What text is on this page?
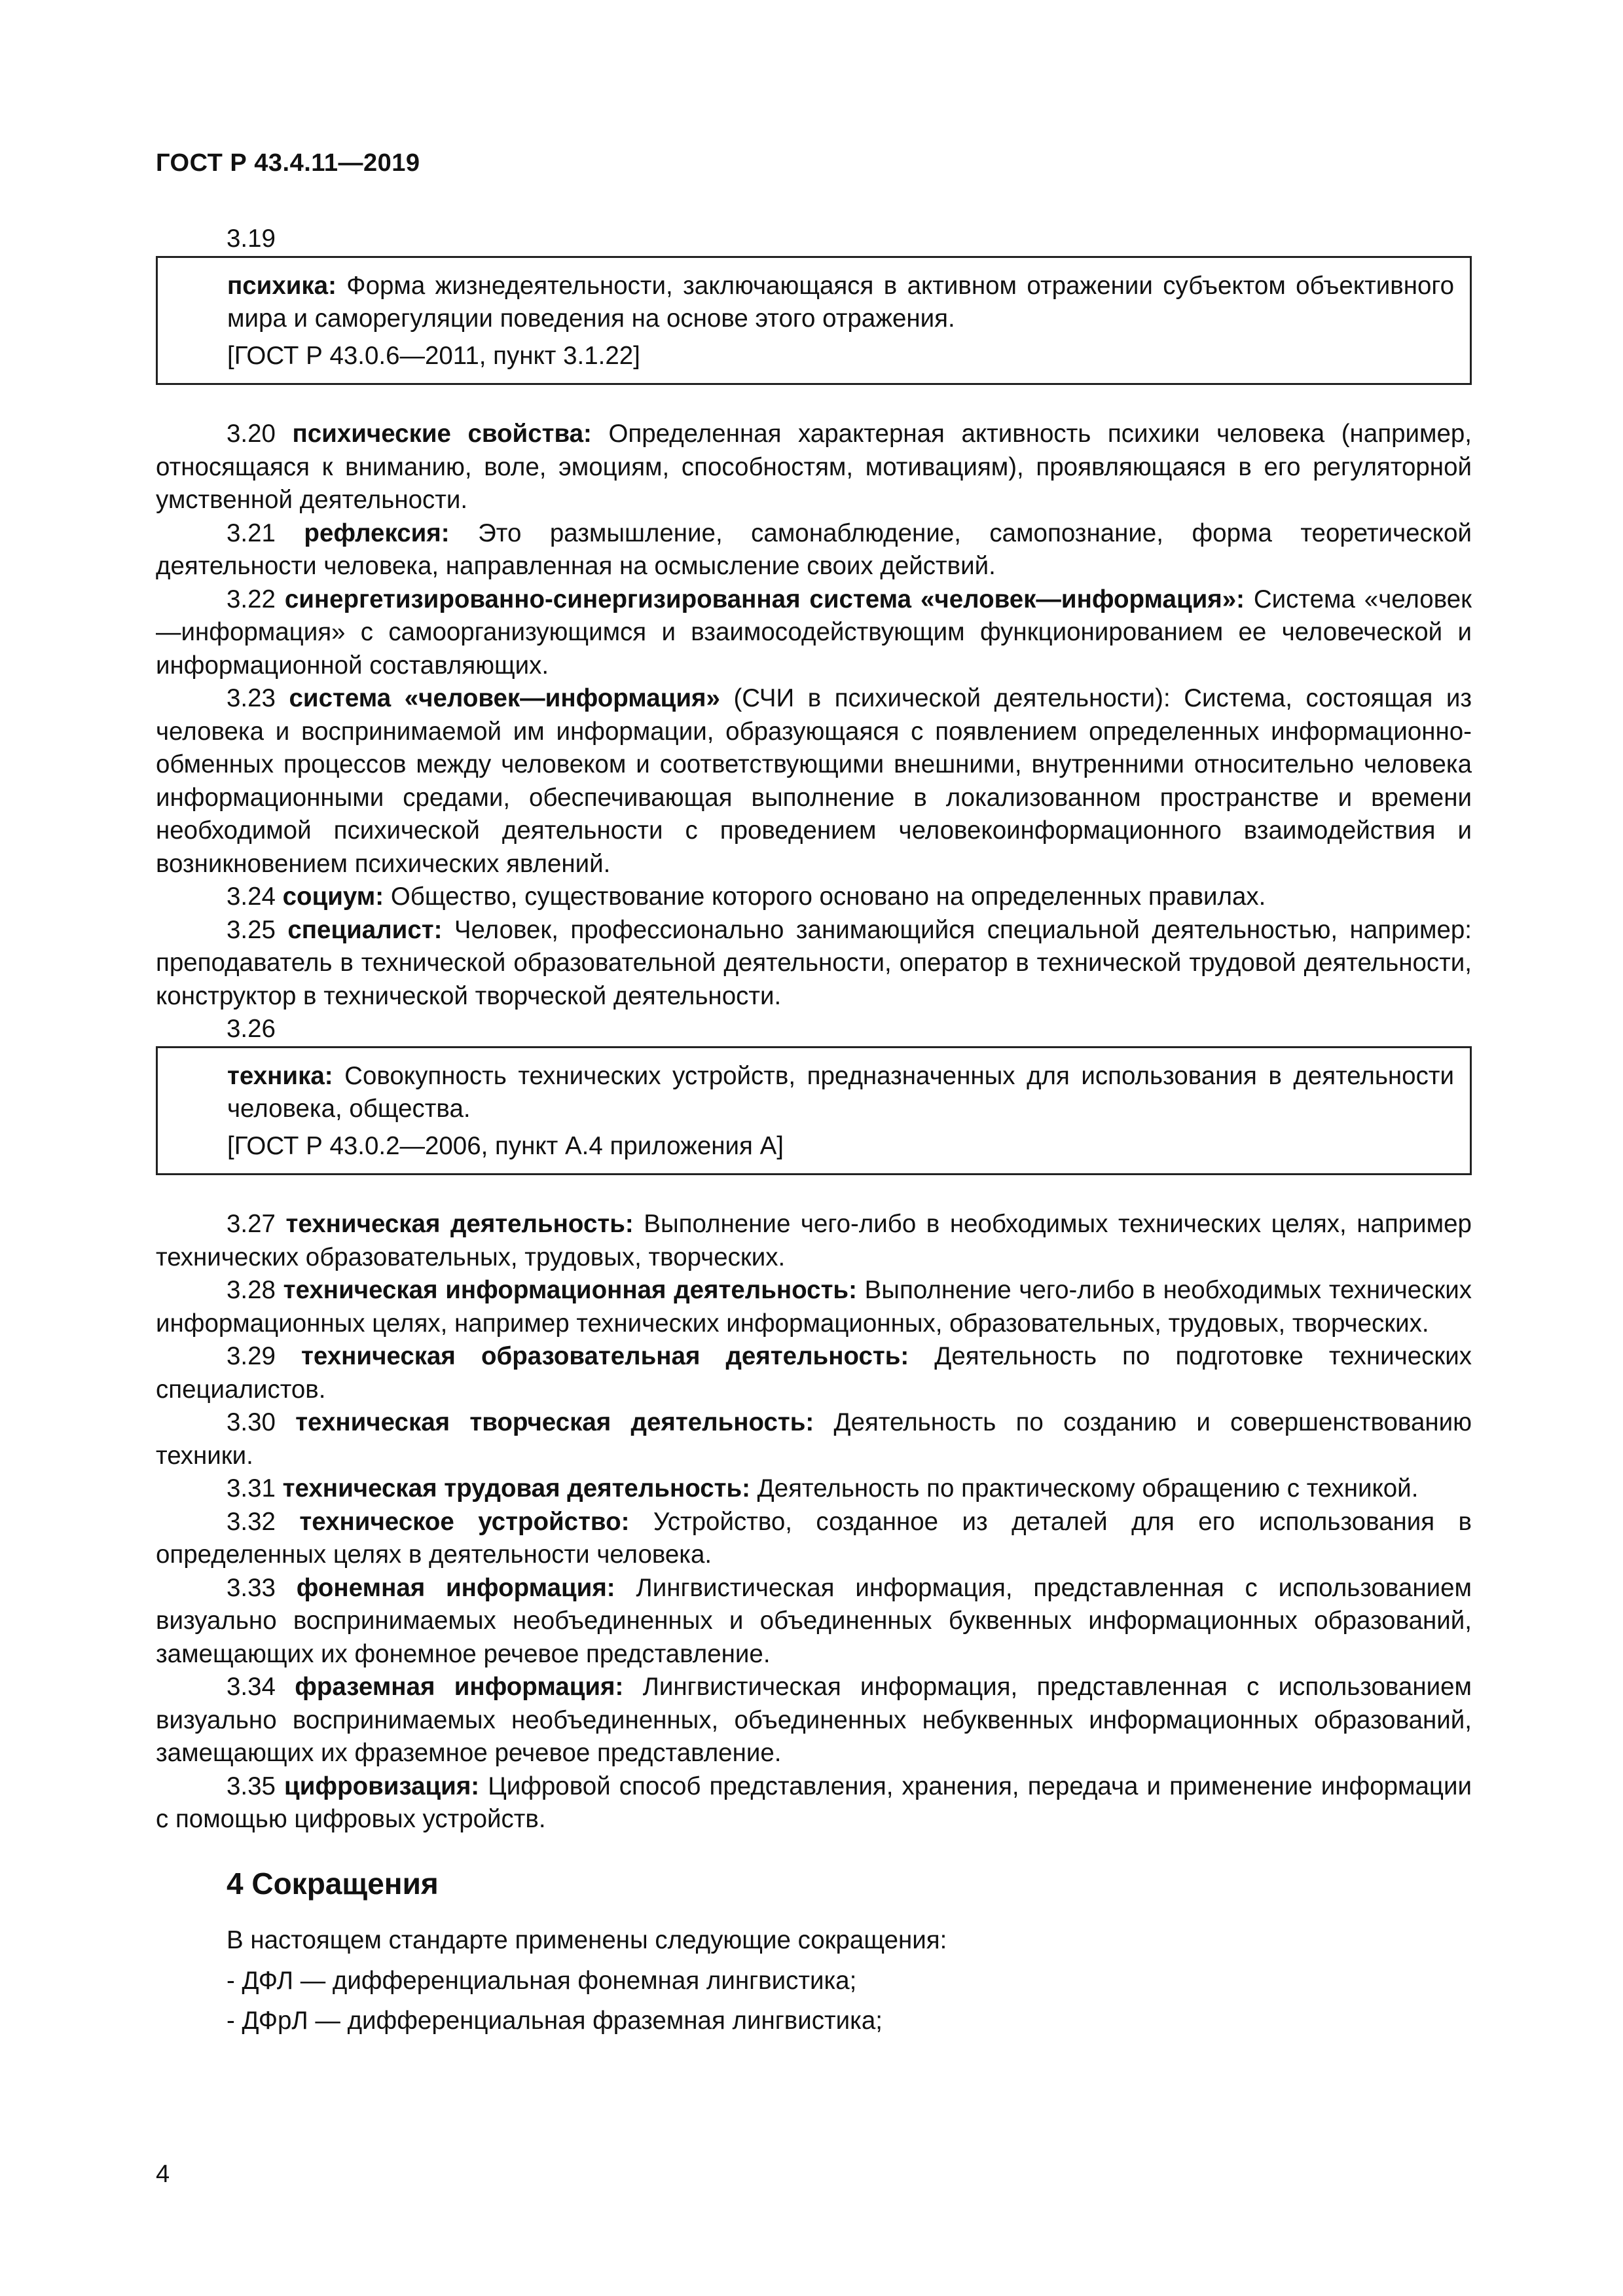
ГОСТ Р 43.4.11—2019

3.19

психика: Форма жизнедеятельности, заключающаяся в активном отражении субъектом объективного мира и саморегуляции поведения на основе этого отражения.

[ГОСТ Р 43.0.6—2011, пункт 3.1.22]

3.20 психические свойства: Определенная характерная активность психики человека (например, относящаяся к вниманию, воле, эмоциям, способностям, мотивациям), проявляющаяся в его регуляторной умственной деятельности.

3.21 рефлексия: Это размышление, самонаблюдение, самопознание, форма теоретической деятельности человека, направленная на осмысление своих действий.

3.22 синергетизированно-синергизированная система «человек—информация»: Система «человек—информация» с самоорганизующимся и взаимосодействующим функционированием ее человеческой и информационной составляющих.

3.23 система «человек—информация» (СЧИ в психической деятельности): Система, состоящая из человека и воспринимаемой им информации, образующаяся с появлением определенных информационно-обменных процессов между человеком и соответствующими внешними, внутренними относительно человека информационными средами, обеспечивающая выполнение в локализованном пространстве и времени необходимой психической деятельности с проведением человекоинформационного взаимодействия и возникновением психических явлений.

3.24 социум: Общество, существование которого основано на определенных правилах.

3.25 специалист: Человек, профессионально занимающийся специальной деятельностью, например: преподаватель в технической образовательной деятельности, оператор в технической трудовой деятельности, конструктор в технической творческой деятельности.

3.26

техника: Совокупность технических устройств, предназначенных для использования в деятельности человека, общества.

[ГОСТ Р 43.0.2—2006, пункт А.4 приложения А]

3.27 техническая деятельность: Выполнение чего-либо в необходимых технических целях, например технических образовательных, трудовых, творческих.

3.28 техническая информационная деятельность: Выполнение чего-либо в необходимых технических информационных целях, например технических информационных, образовательных, трудовых, творческих.

3.29 техническая образовательная деятельность: Деятельность по подготовке технических специалистов.

3.30 техническая творческая деятельность: Деятельность по созданию и совершенствованию техники.

3.31 техническая трудовая деятельность: Деятельность по практическому обращению с техникой.

3.32 техническое устройство: Устройство, созданное из деталей для его использования в определенных целях в деятельности человека.

3.33 фонемная информация: Лингвистическая информация, представленная с использованием визуально воспринимаемых необъединенных и объединенных буквенных информационных образований, замещающих их фонемное речевое представление.

3.34 фраземная информация: Лингвистическая информация, представленная с использованием визуально воспринимаемых необъединенных, объединенных небуквенных информационных образований, замещающих их фраземное речевое представление.

3.35 цифровизация: Цифровой способ представления, хранения, передача и применение информации с помощью цифровых устройств.

4 Сокращения

В настоящем стандарте применены следующие сокращения:

- ДФЛ — дифференциальная фонемная лингвистика;

- ДФрЛ — дифференциальная фраземная лингвистика;

4
